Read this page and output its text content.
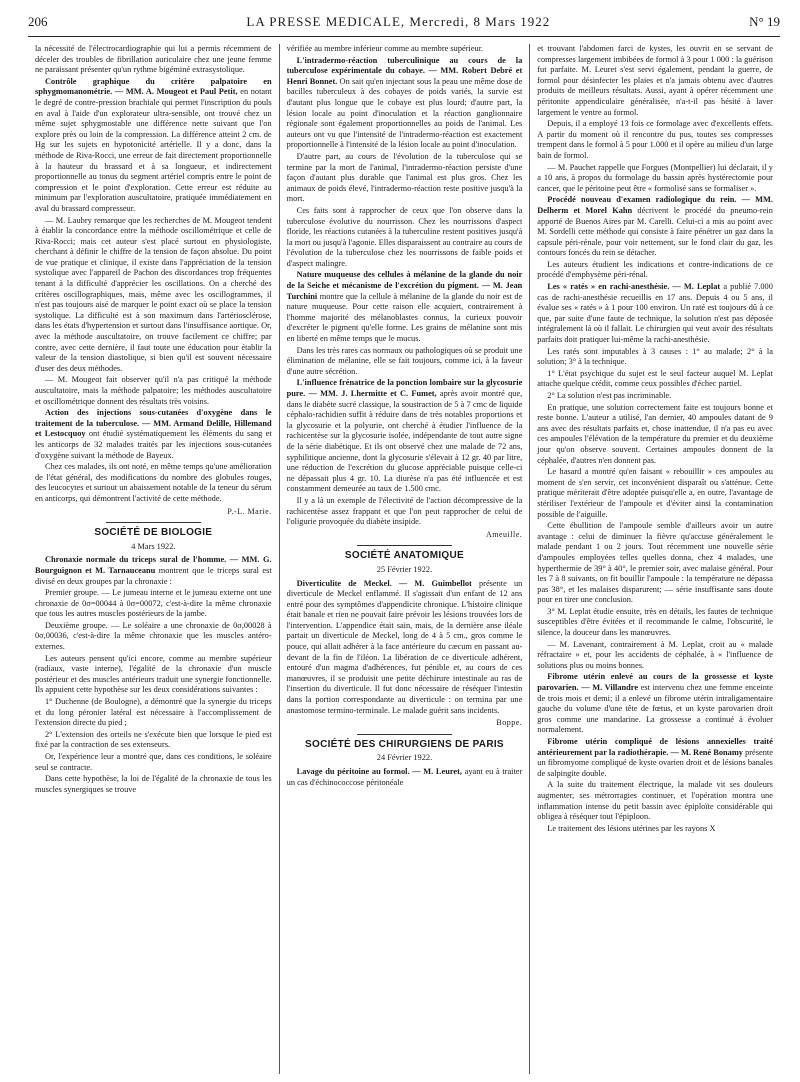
206	LA PRESSE MEDICALE, Mercredi, 8 Mars 1922	N° 19

la nécessité de l'électrocardiographie qui lui a permis récemment de déceler des troubles de fibrillation auriculaire chez une jeune femme ne paraissant présenter qu'un rythme bigéminé extrasystolique.

Contrôle graphique du critère palpatoire en sphygmomanométrie. — MM. A. Mougeot et Paul Petit, en notant le degré de contre-pression brachiale qui permet l'inscription du pouls en aval à l'aide d'un explorateur ultra-sensible, ont trouvé chez un même sujet sphygmostable une différence nette suivant que l'on explore près ou loin de la compression. La différence atteint 2 cm. de Hg sur les sujets en hypotonicité artérielle. Il y a donc, dans la méthode de Riva-Rocci, une erreur de fait directement proportionnelle à la hauteur du brassard et à sa longueur, et indirectement proportionnelle au tonus du segment artériel compris entre le point de compression et le point d'exploration. Cette erreur est réduite au minimum par l'exploration auscultatoire, pratiquée immédiatement en aval du brassard compresseur.

— M. Laubry remarque que les recherches de M. Mougeot tendent à établir la concordance entre la méthode oscillométrique et celle de Riva-Rocci; mais cet auteur s'est placé surtout en physiologiste, cherchant à définir le chiffre de la tension de façon absolue. Du point de vue pratique et clinique, il existe dans l'appréciation de la tension systolique avec l'appareil de Pachon des discordances trop fréquentes tenant à la difficulté d'apprécier les oscillations. On a cherché des critères oscillographiques, mais, même avec les oscillogrammes, il n'est pas toujours aisé de marquer le point exact où se place la tension systolique. La difficulté est à son maximum dans l'artériosclérose, dans les états d'hypertension et surtout dans l'insuffisance aortique. Or, avec la méthode auscultatoire, on trouve facilement ce chiffre; par contre, avec cette dernière, il faut toute une éducation pour établir la valeur de la tension diastolique, si bien qu'il est souvent nécessaire d'user des deux méthodes.

— M. Mougeot fait observer qu'il n'a pas critiqué la méthode auscultatoire, mais la méthode palpatoire; les méthodes auscultatoire et oscillométrique donnent des résultats très voisins.

Action des injections sous-cutanées d'oxygène dans le traitement de la tuberculose. — MM. Armand Delille, Hillemand et Lestocquoy ont étudié systématiquement les éléments du sang et les anticorps de 32 malades traités par les injections sous-cutanées d'oxygène suivant la méthode de Bayeux.

Chez ces malades, ils ont noté, en même temps qu'une amélioration de l'état général, des modifications du nombre des globules rouges, des leucocytes et surtout un abaissement notable de la teneur du sérum en anticorps, qui démontrent l'activité de cette méthode.

P.-L. Marie.
SOCIÉTÉ DE BIOLOGIE
4 Mars 1922.

Chronaxie normale du triceps sural de l'homme. — MM. G. Bourguignon et M. Tarnauceanu montrent que le triceps sural est divisé en deux groupes par la chronaxie :

Premier groupe. — Le jumeau interne et le jumeau externe ont une chronaxie de 0σ=00044 à 0σ=00072, c'est-à-dire la même chronaxie que tous les autres muscles postérieurs de la jambe.

Deuxième groupe. — Le soléaire a une chronaxie de 0σ,00028 à 0σ,00036, c'est-à-dire la même chronaxie que les muscles antéro-externes.

Les auteurs pensent qu'ici encore, comme au membre supérieur (radiaux, vaste interne), l'égalité de la chronaxie d'un muscle postérieur et des muscles antérieurs traduit une synergie fonctionnelle. Ils appuient cette hypothèse sur les deux considérations suivantes :

1° Duchenne (de Boulogne), a démontré que la synergie du triceps et du long péronier latéral est nécessaire à l'accomplissement de l'extension directe du pied ;

2° L'extension des orteils ne s'exécute bien que lorsque le pied est fixé par la contraction de ses extenseurs.

Or, l'expérience leur a montré que, dans ces conditions, le soléaire seul se contracte.

Dans cette hypothèse, la loi de l'égalité de la chronaxie de tous les muscles synergiques se trouve

vérifiée au membre inférieur comme au membre supérieur.

L'intradermo-réaction tuberculinique au cours de la tuberculose expérimentale du cobaye. — MM. Robert Debré et Henri Bonnet. On sait qu'en injectant sous la peau une même dose de bacilles tuberculeux à des cobayes de poids variés, la survie est d'autant plus longue que le cobaye est plus lourd; d'autre part, la lésion locale au point d'inoculation et la réaction ganglionnaire régionale sont également proportionnelles au poids de l'animal. Les auteurs ont vu que l'intensité de l'intradermo-réaction est exactement proportionnelle à l'intensité de la lésion locale au point d'inoculation.

D'autre part, au cours de l'évolution de la tuberculose qui se termine par la mort de l'animal, l'intradermo-réaction persiste d'une façon d'autant plus durable que l'animal est plus gros. Chez les animaux de poids élevé, l'intradermo-réaction reste positive jusqu'à la mort.

Ces faits sont à rapprocher de ceux que l'on observe dans la tuberculose évolutive du nourrisson. Chez les nourrissons d'aspect floride, les réactions cutanées à la tuberculine restent positives jusqu'à la mort ou jusqu'à l'agonie. Elles disparaissent au contraire au cours de l'évolution de la tuberculose chez les nourrissons de faible poids et d'aspect malingre.

Nature muqueuse des cellules à mélanine de la glande du noir de la Seiche et mécanisme de l'excrétion du pigment. — M. Jean Turchini montre que la cellule à mélanine de la glande du noir est de nature muqueuse. Pour cette raison elle acquiert, contrairement à l'homme majorité des mélanoblastes connus, la curieux pouvoir d'excréter le pigment qu'elle forme. Les grains de mélanine sont mis en liberté en même temps que le mucus.

Dans les très rares cas normaux ou pathologiques où se produit une élimination de mélanine, elle se fait toujours, comme ici, à la faveur d'une autre sécrétion.

L'influence frénatrice de la ponction lombaire sur la glycosurie pure. — MM. J. Lhermitte et C. Fumet, après avoir montré que, dans le diabète sucré classique, la soustraction de 5 à 7 cmc de liquide céphalo-rachidien suffit à réduire dans de très notables proportions et la glycosurie et la polyurie, ont cherché à étudier l'influence de la rachicentèse sur la glycosurie isolée, indépendante de tout autre signe de la série diabétique. Et ils ont observé chez une malade de 72 ans, syphilitique ancienne, dont la glycosurie s'élevait à 12 gr. 40 par litre, une réduction de l'excrétion du glucose appréciable puisque celle-ci ne dépassait plus 4 gr. 10. La diurèse n'a pas été influencée et est constamment demeurée au taux de 1.500 cmc.

Il y a là un exemple de l'électivité de l'action décompressive de la rachicentèse assez frappant et que l'on peut rapprocher de celui de l'oligurie provoquée du diabète insipide.

Ameuille.
SOCIÉTÉ ANATOMIQUE
25 Février 1922.

Diverticulite de Meckel. — M. Guimbellot présente un diverticule de Meckel enflammé. Il s'agissait d'un enfant de 12 ans entré pour des symptômes d'appendicite chronique. L'histoire clinique était banale et rien ne pouvait faire prévoir les lésions trouvées lors de l'intervention. L'appendice était sain, mais, de la dernière anse iléale partait un diverticule de Meckel, long de 4 à 5 cm., gros comme le pouce, qui allait adhérer à la face antérieure du cæcum en passant au-devant de la fin de l'iléon. La libération de ce diverticule adhérent, entouré d'un magma d'adhérences, fut pénible et, au cours de ces manœuvres, il se produisit une petite déchirure intestinale au ras de l'insertion du diverticule. Il fut donc nécessaire de réséquer l'intestin dans la portion correspondante au diverticule : on termina par une anastomose termino-terminale. Le malade guérit sans incidents.

Boppe.
SOCIÉTÉ DES CHIRURGIENS DE PARIS
24 Février 1922.

Lavage du péritoine au formol. — M. Leuret, ayant eu à traiter un cas d'échinococcose péritonéale

et trouvant l'abdomen farci de kystes, les ouvrit en se servant de compresses largement imbibées de formol à 3 pour 1 000 : la guérison fut parfaite. M. Leuret s'est servi également, pendant la guerre, de formol pour désinfecter les plaies et n'a jamais obtenu avec d'autres produits de meilleurs résultats. Aussi, ayant à opérer récemment une péritonite appendiculaire généralisée, n'a-t-il pas hésité à laver largement le ventre au formol.

Depuis, il a employé 13 fois ce formolage avec d'excellents effets. A partir du moment où il rencontre du pus, toutes ses compresses trempent dans le formol à 5 pour 1.000 et il opère au milieu d'un large bain de formol.

— M. Pauchet rappelle que Forgues (Montpellier) lui déclarait, il y a 10 ans, à propos du formolage du bassin après hystérectomie pour cancer, que le péritoine peut être « formolisé sans se formaliser ».

Procédé nouveau d'examen radiologique du rein. — MM. Delherm et Morel Kahn décrivent le procédé du pneumo-rein apporté de Buenos Aires par M. Carelli. Celui-ci a mis au point avec M. Sordelli cette méthode qui consiste à faire pénétrer un gaz dans la capsule péri-rénale, pour voir nettement, sur le fond clair du gaz, les contours foncés du rein se détacher.

Les auteurs étudient les indications et contre-indications de ce procédé d'emphysème péri-rénal.

Les « ratés » en rachi-anesthésie. — M. Leplat a publié 7.000 cas de rachi-anesthésie recueillis en 17 ans. Depuis 4 ou 5 ans, il évalue ses « ratés » à 1 pour 100 environ. Un raté est toujours dû à ce que, par suite d'une faute de technique, la solution n'est pas déposée intégralement là où il fallait. Le chirurgien qui veut avoir des résultats parfaits doit pratiquer lui-même la rachi-anesthésie.

Les ratés sont imputables à 3 causes : 1° au malade; 2° à la solution; 3° à la technique.

1° L'état psychique du sujet est le seul facteur auquel M. Leplat attache quelque crédit, comme ceux possibles d'échec partiel.

2° La solution n'est pas incriminable.

En pratique, une solution correctement faite est toujours bonne et reste bonne. L'auteur a utilisé, l'an dernier, 40 ampoules datant de 9 ans avec des résultats parfaits et, chose inattendue, il n'a pas eu avec ces ampoules l'élévation de la température du premier et du deuxième jour qu'on observe souvent. Certaines ampoules donnent de la céphalée, d'autres n'en donnent pas.

Le hasard a montré qu'en faisant « rebouillir » ces ampoules au moment de s'en servir, cet inconvénient disparaît ou s'atténue. Cette pratique mériterait d'être adoptée puisqu'elle a, en outre, l'avantage de stériliser l'extérieur de l'ampoule et d'éviter ainsi la contamination possible de l'aiguille.

Cette ébullition de l'ampoule semble d'ailleurs avoir un autre avantage : celui de diminuer la fièvre qu'accuse généralement le malade pendant 1 ou 2 jours. Tout récemment une nouvelle série d'ampoules employées telles quelles donna, chez 4 malades, une hyperthermie de 39° à 40°, le premier soir, avec malaise général. Pour les 7 à 8 suivants, on fit bouillir l'ampoule : la température ne dépassa pas 38°, et les malaises disparurent; — série insuffisante sans doute pour en tirer une conclusion.

3° M. Leplat étudie ensuite, très en détails, les fautes de technique susceptibles d'être évitées et il recommande le calme, l'obscurité, le silence, la douceur dans les manœuvres.

— M. Lavenant, contrairement à M. Leplat, croit au « malade réfractaire » et, pour les accidents de céphalée, à « l'influence de solutions plus ou moins bonnes.

Fibrome utérin enlevé au cours de la grossesse et kyste parovarien. — M. Villandre est intervenu chez une femme enceinte de trois mois et demi; il a enlevé un fibrome utérin intraligamentaire gauche du volume d'une tête de fœtus, et un kyste parovarien droit gros comme une mandarine. La grossesse a continué à évoluer normalement.

Fibrome utérin compliqué de lésions annexielles traité antérieurement par la radiothérapie. — M. René Bonamy présente un fibromyome compliqué de kyste ovarien droit et de lésions banales de salpingite double.

A la suite du traitement électrique, la malade vit ses douleurs augmenter, ses métrorragies continuer, et l'opération montra une inflammation intense du petit bassin avec épiploïte considérable qui obligea à réséquer tout l'épiploon.

Le traitement des lésions utérines par les rayons X
